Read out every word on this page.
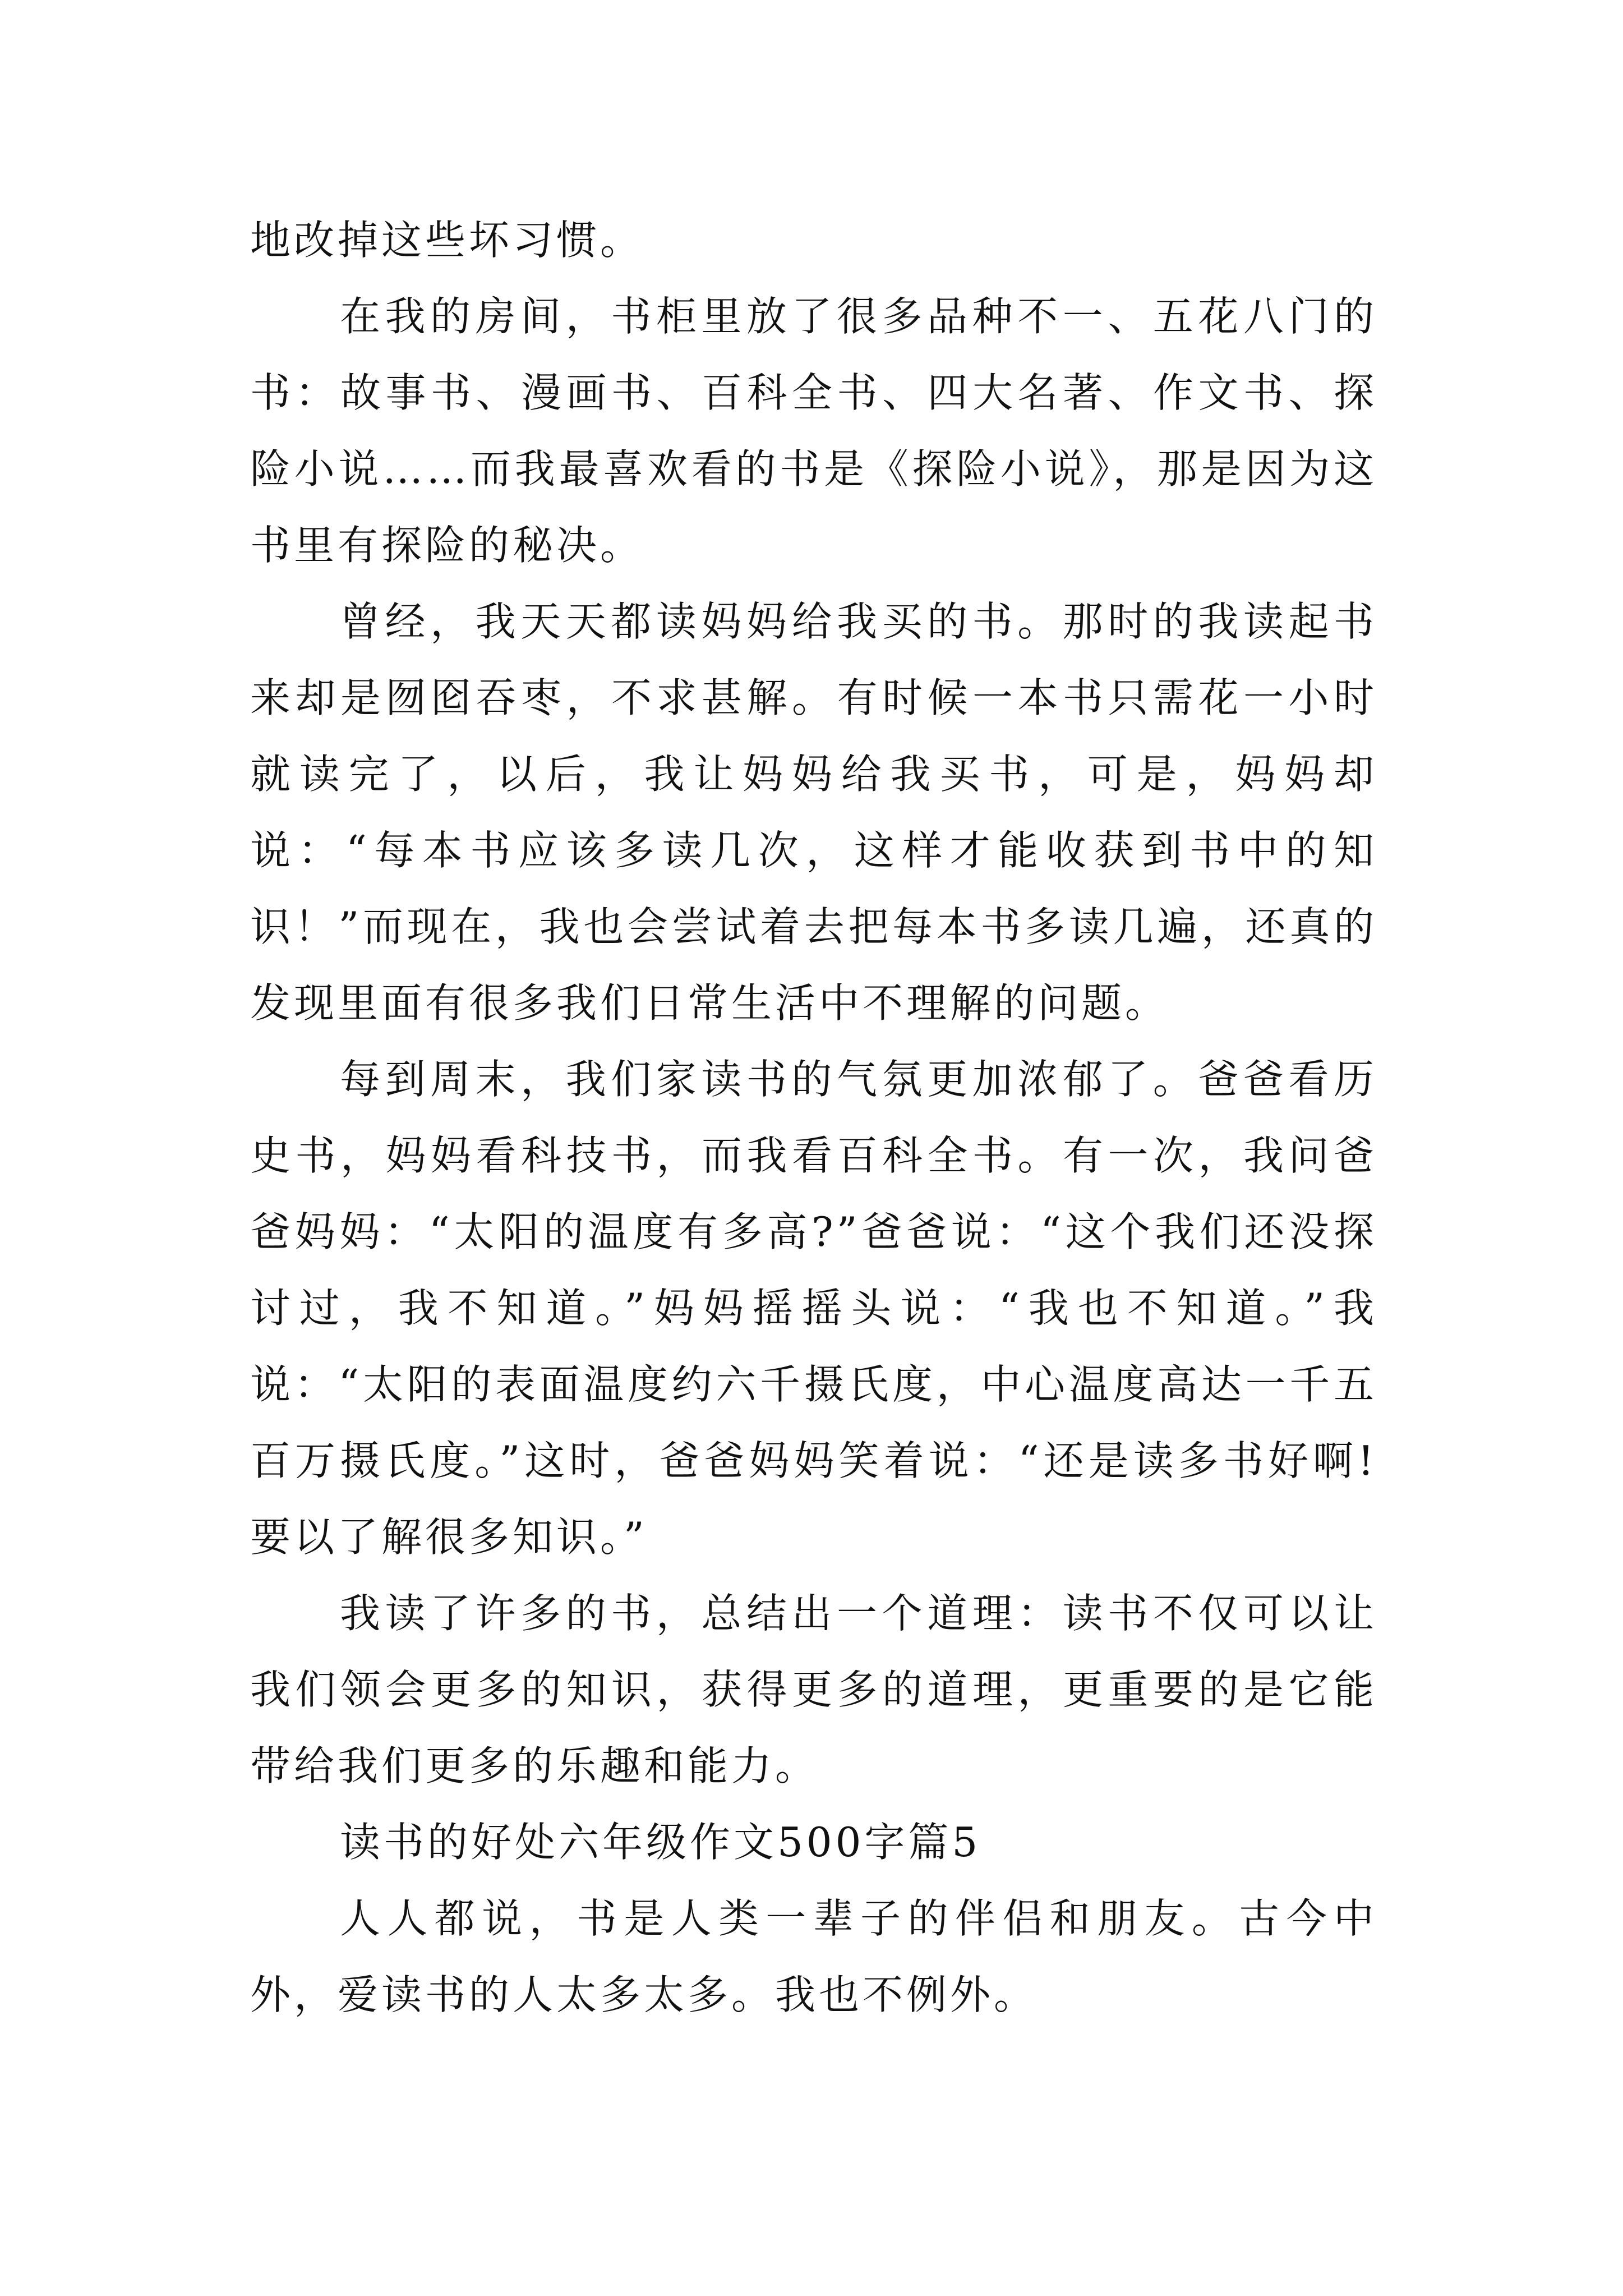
地改掉这些坏习惯。

在我的房间，书柜里放了很多品种不一、五花八门的书：故事书、漫画书、百科全书、四大名著、作文书、探险小说……而我最喜欢看的书是《探险小说》，那是因为这书里有探险的秘决。

曾经，我天天都读妈妈给我买的书。那时的我读起书来却是囫囵吞枣，不求甚解。有时候一本书只需花一小时就读完了，以后，我让妈妈给我买书，可是，妈妈却说：“每本书应该多读几次，这样才能收获到书中的知识！”而现在，我也会尝试着去把每本书多读几遍，还真的发现里面有很多我们日常生活中不理解的问题。

每到周末，我们家读书的气氛更加浓郁了。爸爸看历史书，妈妈看科技书，而我看百科全书。有一次，我问爸爸妈妈：“太阳的温度有多高?”爸爸说：“这个我们还没探讨过，我不知道。”妈妈摇摇头说：“我也不知道。”我说：“太阳的表面温度约六千摄氏度，中心温度高达一千五百万摄氏度。”这时，爸爸妈妈笑着说：“还是读多书好啊!要以了解很多知识。”

我读了许多的书，总结出一个道理：读书不仅可以让我们领会更多的知识，获得更多的道理，更重要的是它能带给我们更多的乐趣和能力。

读书的好处六年级作文500字篇5

人人都说，书是人类一辈子的伴侣和朋友。古今中外，爱读书的人太多太多。我也不例外。
